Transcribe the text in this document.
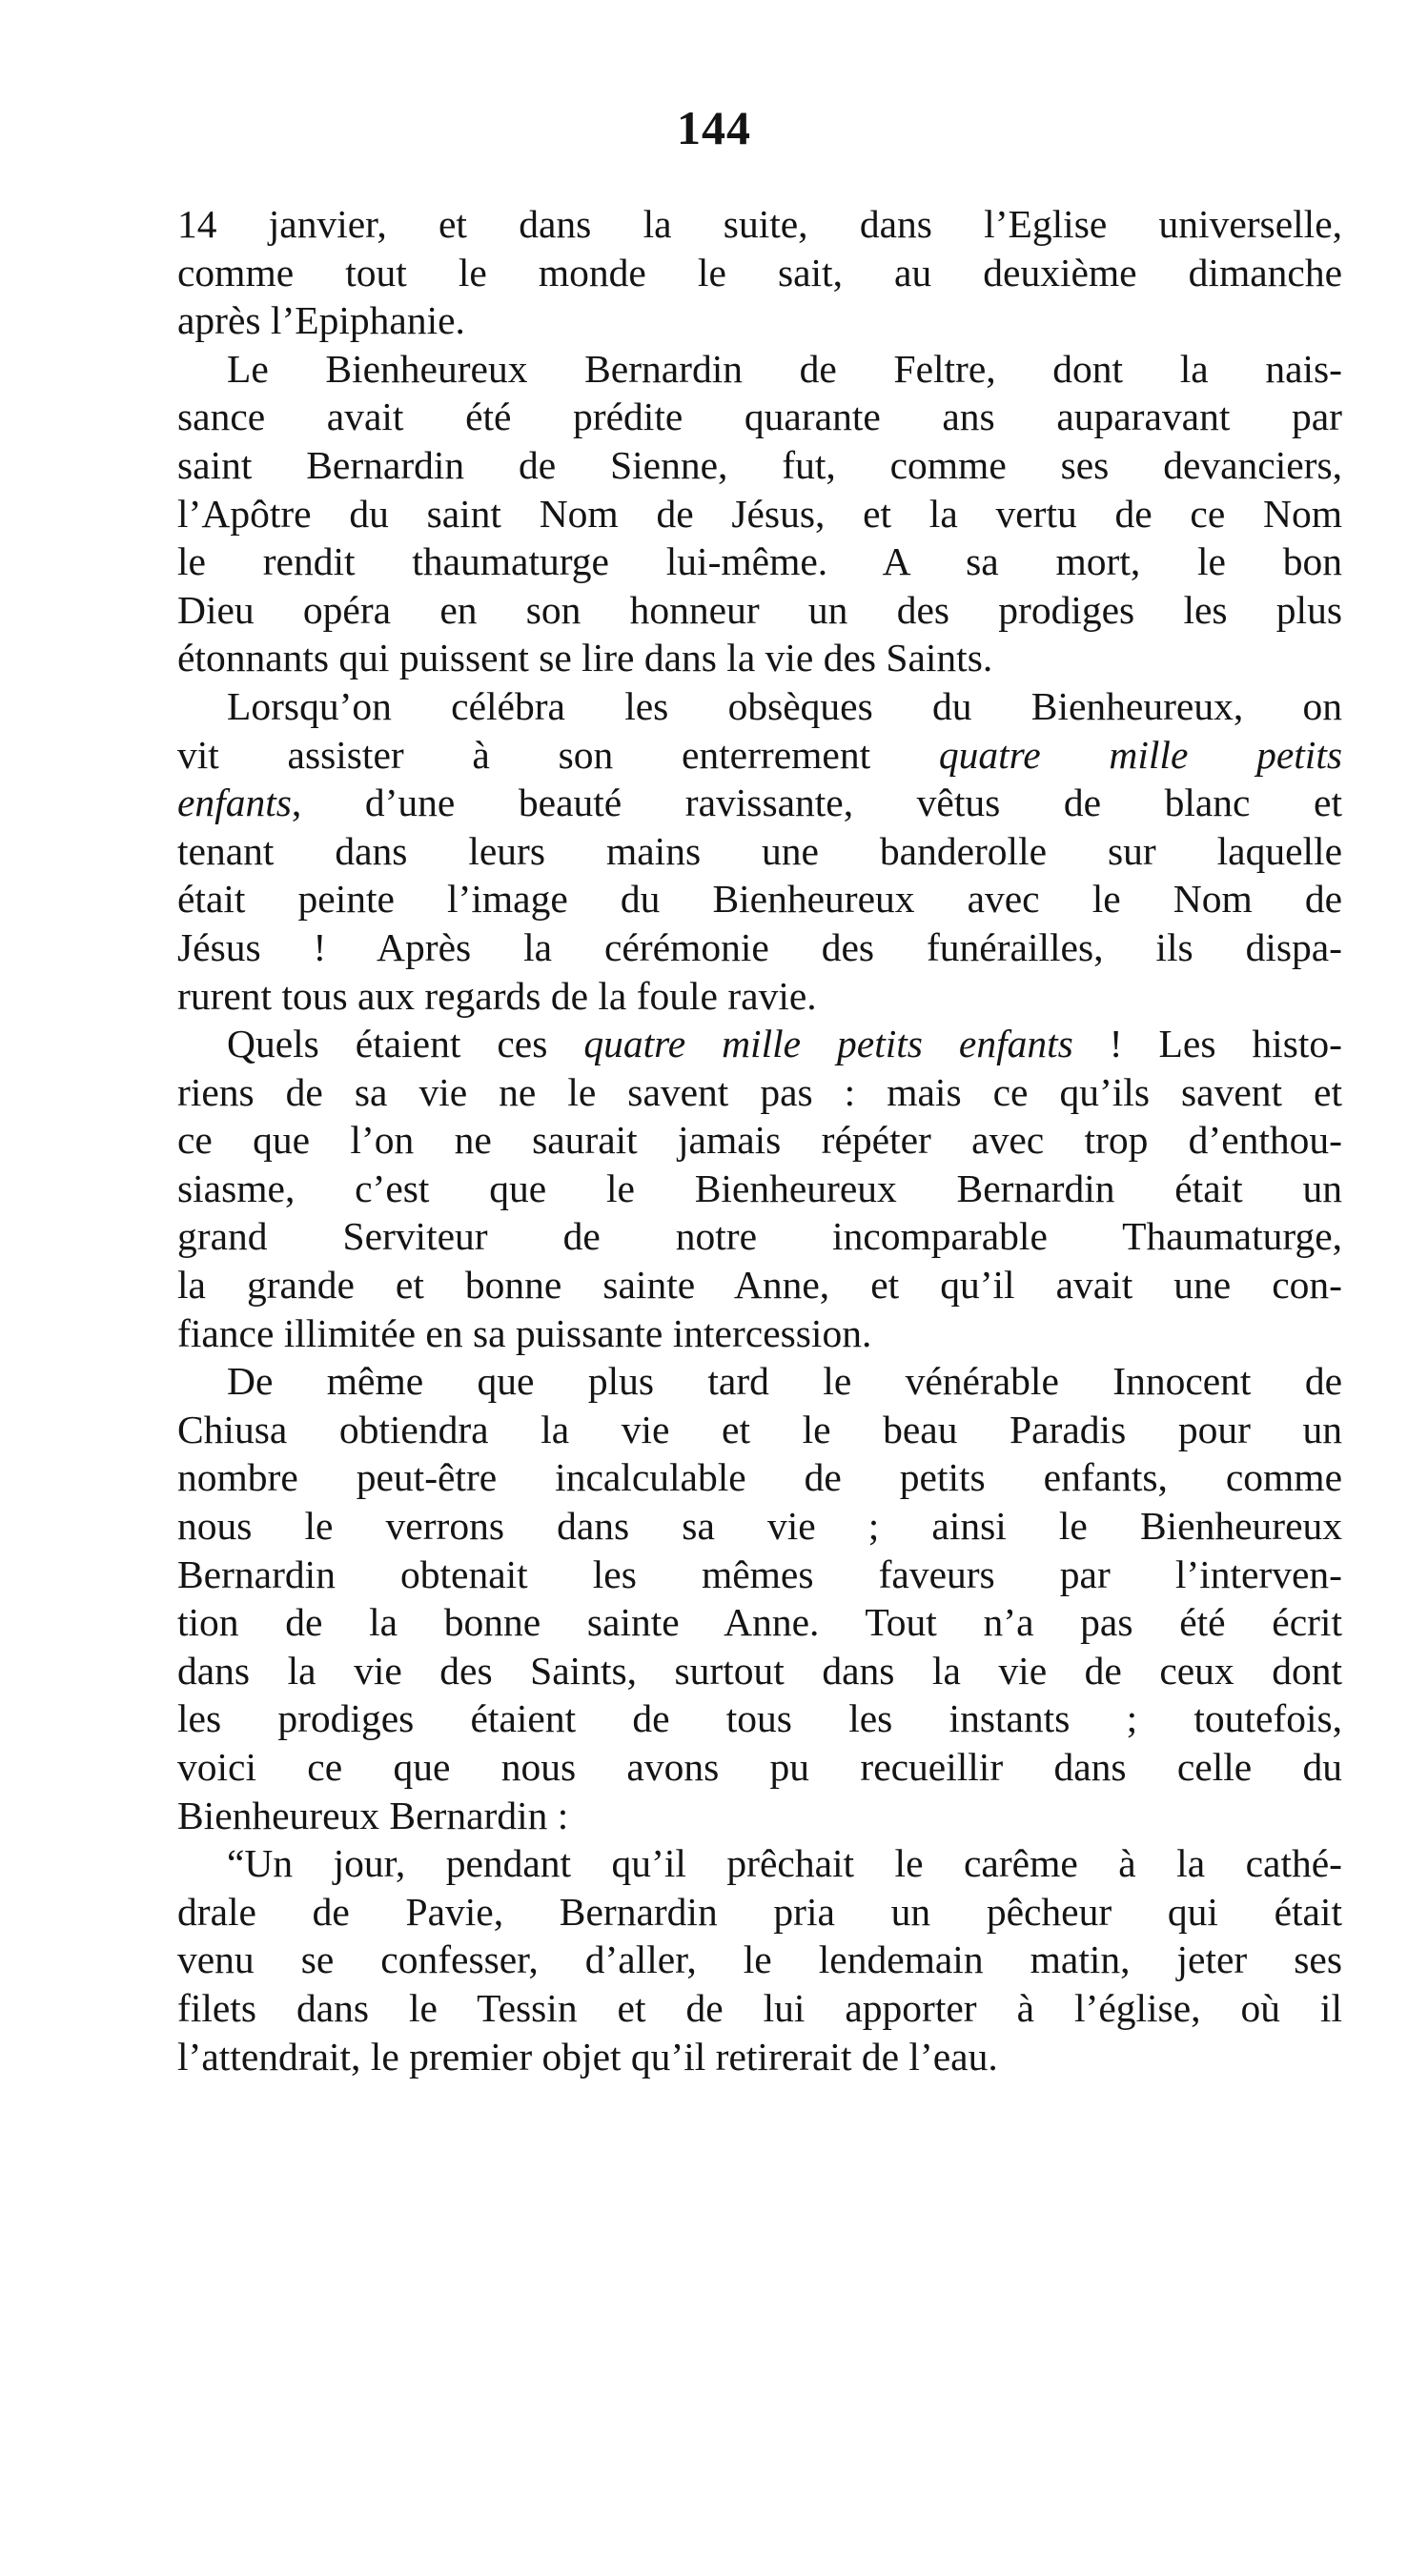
144

14 janvier, et dans la suite, dans l’Eglise universelle,
comme tout le monde le sait, au deuxième dimanche
après l’Epiphanie.

Le Bienheureux Bernardin de Feltre, dont la nais-
sance avait été prédite quarante ans auparavant par
saint Bernardin de Sienne, fut, comme ses devanciers,
l’Apôtre du saint Nom de Jésus, et la vertu de ce Nom
le rendit thaumaturge lui-même. A sa mort, le bon
Dieu opéra en son honneur un des prodiges les plus
étonnants qui puissent se lire dans la vie des Saints.

Lorsqu’on célébra les obsèques du Bienheureux, on
vit assister à son enterrement quatre mille petits
enfants, d’une beauté ravissante, vêtus de blanc et
tenant dans leurs mains une banderolle sur laquelle
était peinte l’image du Bienheureux avec le Nom de
Jésus ! Après la cérémonie des funérailles, ils dispa-
rurent tous aux regards de la foule ravie.

Quels étaient ces quatre mille petits enfants ! Les histo-
riens de sa vie ne le savent pas : mais ce qu’ils savent et
ce que l’on ne saurait jamais répéter avec trop d’enthou-
siasme, c’est que le Bienheureux Bernardin était un
grand Serviteur de notre incomparable Thaumaturge,
la grande et bonne sainte Anne, et qu’il avait une con-
fiance illimitée en sa puissante intercession.

De même que plus tard le vénérable Innocent de
Chiusa obtiendra la vie et le beau Paradis pour un
nombre peut-être incalculable de petits enfants, comme
nous le verrons dans sa vie ; ainsi le Bienheureux
Bernardin obtenait les mêmes faveurs par l’interven-
tion de la bonne sainte Anne. Tout n’a pas été écrit
dans la vie des Saints, surtout dans la vie de ceux dont
les prodiges étaient de tous les instants ; toutefois,
voici ce que nous avons pu recueillir dans celle du
Bienheureux Bernardin :

“Un jour, pendant qu’il prêchait le carême à la cathé-
drale de Pavie, Bernardin pria un pêcheur qui était
venu se confesser, d’aller, le lendemain matin, jeter ses
filets dans le Tessin et de lui apporter à l’église, où il
l’attendrait, le premier objet qu’il retirerait de l’eau.
